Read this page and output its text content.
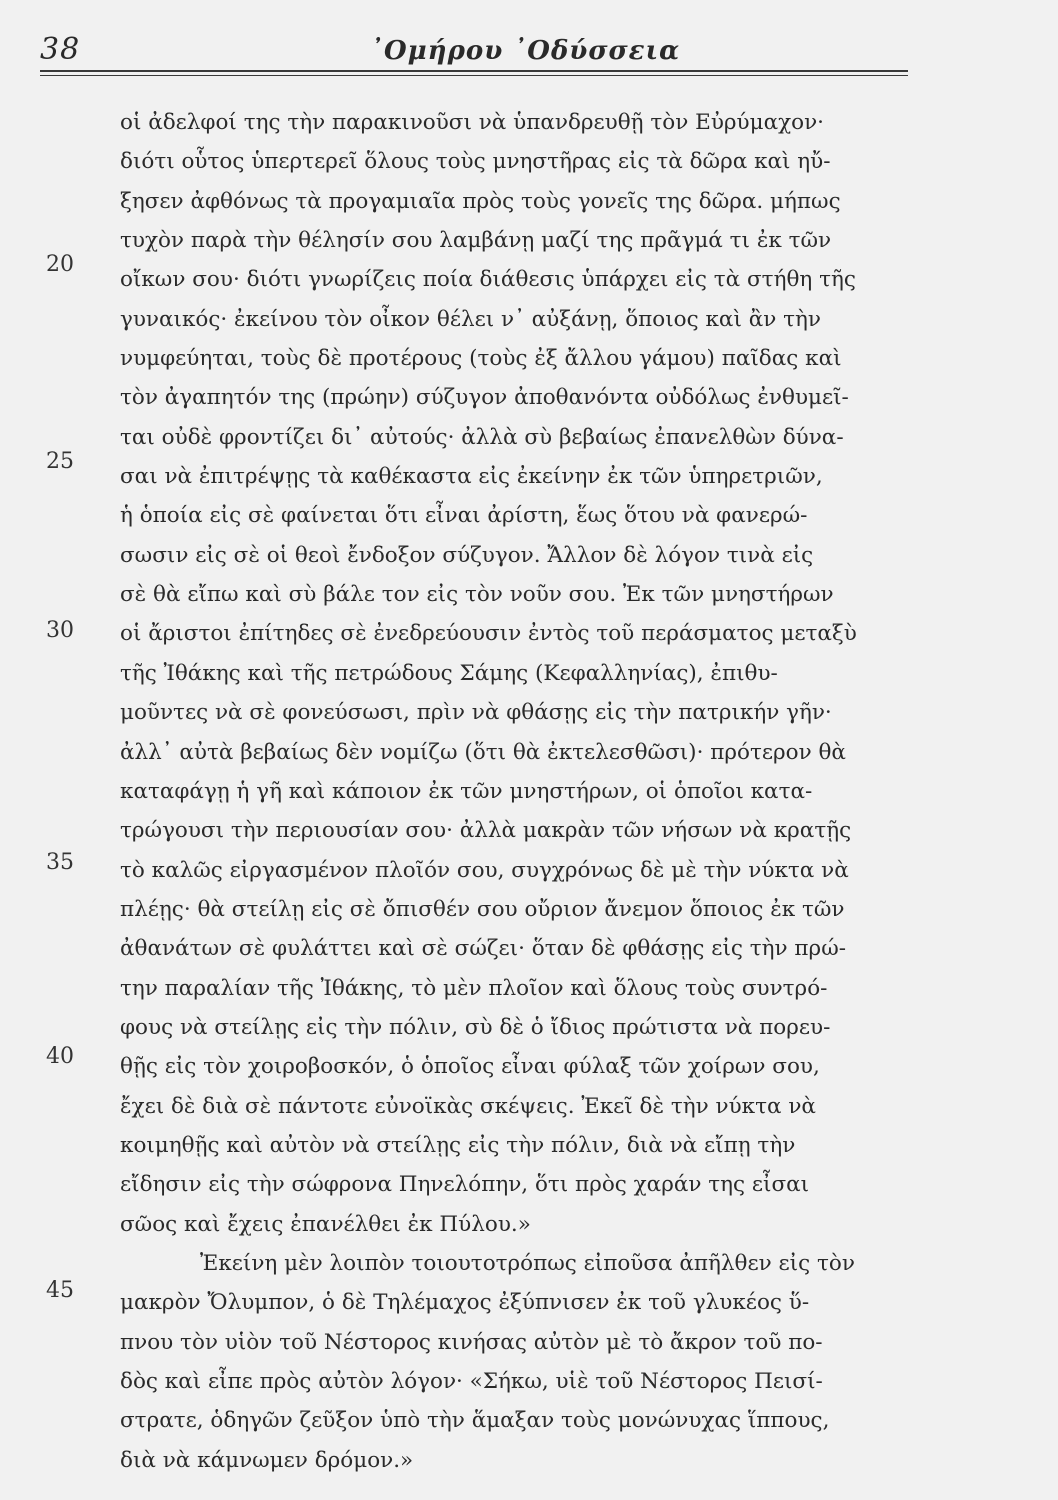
38	᾿Ομήρου ᾿Οδύσσεια
20
25
30
35
40
45
οἱ ἀδελφοί της τὴν παρακινοῦσι νὰ ὑπανδρευθῇ τὸν Εὐρύμαχον·
διότι οὗτος ὑπερτερεῖ ὅλους τοὺς μνηστῆρας εἰς τὰ δῶρα καὶ ηὔ-
ξησεν ἀφθόνως τὰ προγαμιαῖα πρὸς τοὺς γονεῖς της δῶρα. μήπως
τυχὸν παρὰ τὴν θέλησίν σου λαμβάνῃ μαζί της πρᾶγμά τι ἐκ τῶν
οἴκων σου· διότι γνωρίζεις ποία διάθεσις ὑπάρχει εἰς τὰ στήθη τῆς
γυναικός· ἐκείνου τὸν οἶκον θέλει ν᾿ αὐξάνῃ, ὅποιος καὶ ἂν τὴν
νυμφεύηται, τοὺς δὲ προτέρους (τοὺς ἐξ ἄλλου γάμου) παῖδας καὶ
τὸν ἀγαπητόν της (πρώην) σύζυγον ἀποθανόντα οὐδόλως ἐνθυμεῖ-
ται οὐδὲ φροντίζει δι᾿ αὐτούς· ἀλλὰ σὺ βεβαίως ἐπανελθὼν δύνα-
σαι νὰ ἐπιτρέψῃς τὰ καθέκαστα εἰς ἐκείνην ἐκ τῶν ὑπηρετριῶν,
ἡ ὁποία εἰς σὲ φαίνεται ὅτι εἶναι ἀρίστη, ἕως ὅτου νὰ φανερώ-
σωσιν εἰς σὲ οἱ θεοὶ ἔνδοξον σύζυγον. Ἄλλον δὲ λόγον τινὰ εἰς
σὲ θὰ εἴπω καὶ σὺ βάλε τον εἰς τὸν νοῦν σου. Ἐκ τῶν μνηστήρων
οἱ ἄριστοι ἐπίτηδες σὲ ἐνεδρεύουσιν ἐντὸς τοῦ περάσματος μεταξὺ
τῆς Ἰθάκης καὶ τῆς πετρώδους Σάμης (Κεφαλληνίας), ἐπιθυ-
μοῦντες νὰ σὲ φονεύσωσι, πρὶν νὰ φθάσῃς εἰς τὴν πατρικήν γῆν·
ἀλλ᾿ αὐτὰ βεβαίως δὲν νομίζω (ὅτι θὰ ἐκτελεσθῶσι)· πρότερον θὰ
καταφάγῃ ἡ γῆ καὶ κάποιον ἐκ τῶν μνηστήρων, οἱ ὁποῖοι κατα-
τρώγουσι τὴν περιουσίαν σου· ἀλλὰ μακρὰν τῶν νήσων νὰ κρατῇς
τὸ καλῶς εἰργασμένον πλοῖόν σου, συγχρόνως δὲ μὲ τὴν νύκτα νὰ
πλέῃς· θὰ στείλῃ εἰς σὲ ὄπισθέν σου οὔριον ἄνεμον ὅποιος ἐκ τῶν
ἀθανάτων σὲ φυλάττει καὶ σὲ σώζει· ὅταν δὲ φθάσῃς εἰς τὴν πρώ-
την παραλίαν τῆς Ἰθάκης, τὸ μὲν πλοῖον καὶ ὅλους τοὺς συντρό-
φους νὰ στείλῃς εἰς τὴν πόλιν, σὺ δὲ ὁ ἴδιος πρώτιστα νὰ πορευ-
θῇς εἰς τὸν χοιροβοσκόν, ὁ ὁποῖος εἶναι φύλαξ τῶν χοίρων σου,
ἔχει δὲ διὰ σὲ πάντοτε εὐνοϊκὰς σκέψεις. Ἐκεῖ δὲ τὴν νύκτα νὰ
κοιμηθῇς καὶ αὐτὸν νὰ στείλῃς εἰς τὴν πόλιν, διὰ νὰ εἴπῃ τὴν
εἴδησιν εἰς τὴν σώφρονα Πηνελόπην, ὅτι πρὸς χαράν της εἶσαι
σῶος καὶ ἔχεις ἐπανέλθει ἐκ Πύλου.»
Ἐκείνη μὲν λοιπὸν τοιουτοτρόπως εἰποῦσα ἀπῆλθεν εἰς τὸν
μακρὸν Ὄλυμπον, ὁ δὲ Τηλέμαχος ἐξύπνισεν ἐκ τοῦ γλυκέος ὕ-
πνου τὸν υἱὸν τοῦ Νέστορος κινήσας αὐτὸν μὲ τὸ ἄκρον τοῦ πο-
δὸς καὶ εἶπε πρὸς αὐτὸν λόγον· «Σήκω, υἱὲ τοῦ Νέστορος Πεισί-
στρατε, ὁδηγῶν ζεῦξον ὑπὸ τὴν ἅμαξαν τοὺς μονώνυχας ἵππους,
διὰ νὰ κάμνωμεν δρόμον.»
